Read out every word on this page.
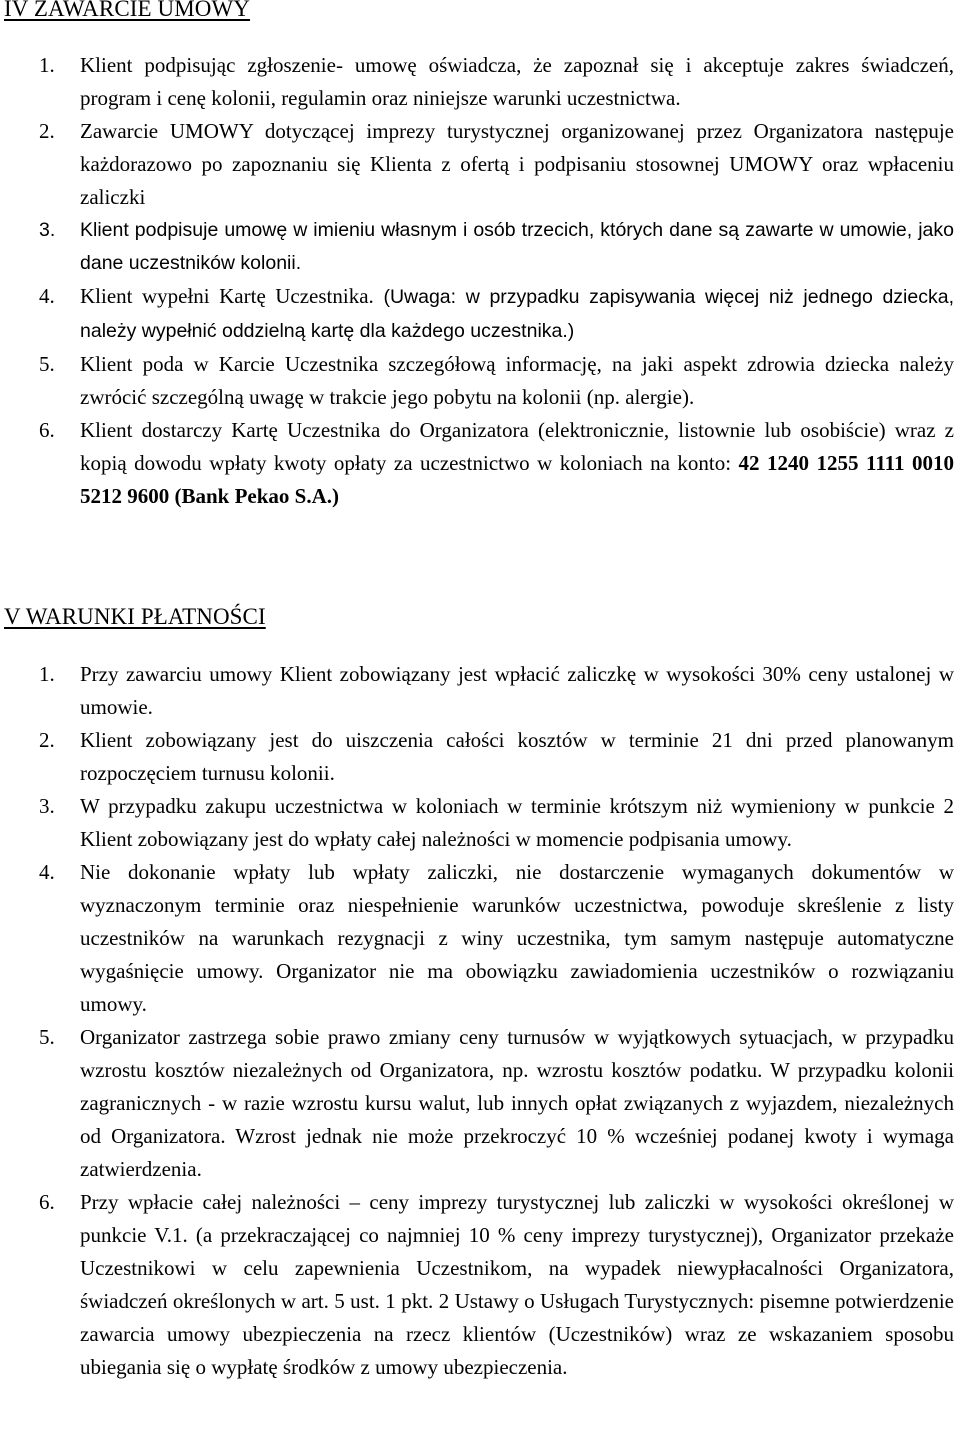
IV ZAWARCIE UMOWY
1. Klient podpisując zgłoszenie- umowę oświadcza, że zapoznał się i akceptuje zakres świadczeń, program i cenę kolonii, regulamin oraz niniejsze warunki uczestnictwa.
2. Zawarcie UMOWY dotyczącej imprezy turystycznej organizowanej przez Organizatora następuje każdorazowo po zapoznaniu się Klienta z ofertą i podpisaniu stosownej UMOWY oraz wpłaceniu zaliczki
3. Klient podpisuje umowę w imieniu własnym i osób trzecich, których dane są zawarte w umowie, jako dane uczestników kolonii.
4. Klient wypełni Kartę Uczestnika. (Uwaga: w przypadku zapisywania więcej niż jednego dziecka, należy wypełnić oddzielną kartę dla każdego uczestnika.)
5. Klient poda w Karcie Uczestnika szczegółową informację, na jaki aspekt zdrowia dziecka należy zwrócić szczególną uwagę w trakcie jego pobytu na kolonii (np. alergie).
6. Klient dostarczy Kartę Uczestnika do Organizatora (elektronicznie, listownie lub osobiście) wraz z kopią dowodu wpłaty kwoty opłaty za uczestnictwo w koloniach na konto: 42 1240 1255 1111 0010 5212 9600 (Bank Pekao S.A.)
V WARUNKI PŁATNOŚCI
1. Przy zawarciu umowy Klient zobowiązany jest wpłacić zaliczkę w wysokości 30% ceny ustalonej w umowie.
2. Klient zobowiązany jest do uiszczenia całości kosztów w terminie 21 dni przed planowanym rozpoczęciem turnusu kolonii.
3. W przypadku zakupu uczestnictwa w koloniach w terminie krótszym niż wymieniony w punkcie 2 Klient zobowiązany jest do wpłaty całej należności w momencie podpisania umowy.
4. Nie dokonanie wpłaty lub wpłaty zaliczki, nie dostarczenie wymaganych dokumentów w wyznaczonym terminie oraz niespełnienie warunków uczestnictwa, powoduje skreślenie z listy uczestników na warunkach rezygnacji z winy uczestnika, tym samym następuje automatyczne wygaśnięcie umowy. Organizator nie ma obowiązku zawiadomienia uczestników o rozwiązaniu umowy.
5. Organizator zastrzega sobie prawo zmiany ceny turnusów w wyjątkowych sytuacjach, w przypadku wzrostu kosztów niezależnych od Organizatora, np. wzrostu kosztów podatku. W przypadku kolonii zagranicznych - w razie wzrostu kursu walut, lub innych opłat związanych z wyjazdem, niezależnych od Organizatora. Wzrost jednak nie może przekroczyć 10 % wcześniej podanej kwoty i wymaga zatwierdzenia.
6. Przy wpłacie całej należności – ceny imprezy turystycznej lub zaliczki w wysokości określonej w punkcie V.1. (a przekraczającej co najmniej 10 % ceny imprezy turystycznej), Organizator przekaże Uczestnikowi w celu zapewnienia Uczestnikom, na wypadek niewypłacalności Organizatora, świadczeń określonych w art. 5 ust. 1 pkt. 2 Ustawy o Usługach Turystycznych: pisemne potwierdzenie zawarcia umowy ubezpieczenia na rzecz klientów (Uczestników) wraz ze wskazaniem sposobu ubiegania się o wypłatę środków z umowy ubezpieczenia.
